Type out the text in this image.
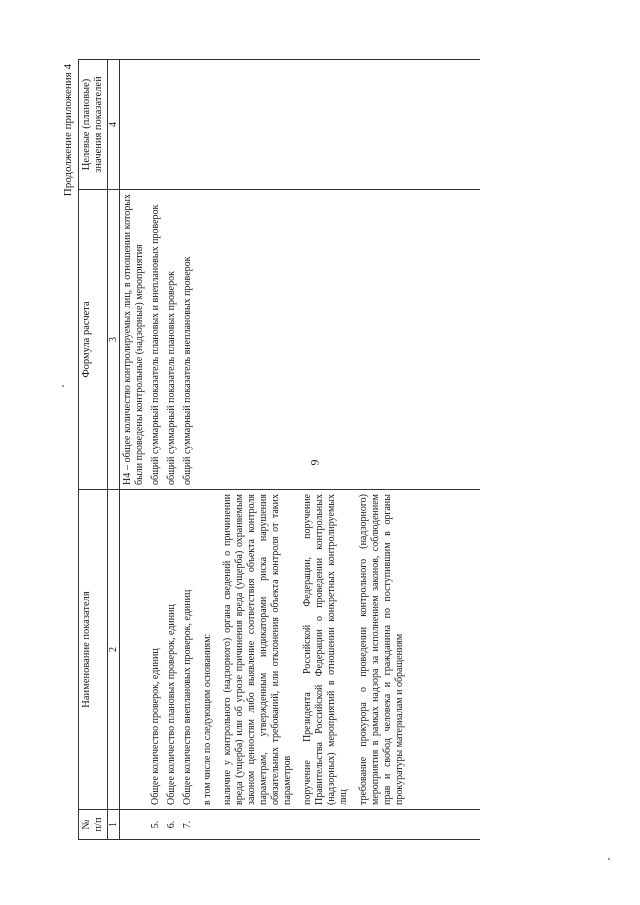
9
Продолжение приложения 4
№ п/п	Наименование показателя	Формула расчета	Целевые (плановые) значения показателей
1	2	3	4
		Н4 – общее количество контролируемых лиц, в отношении которых были проведены контрольные (надзорные) мероприятия	
5.	Общее количество проверок, единиц	общий суммарный показатель плановых и внеплановых проверок	
6.	Общее количество плановых проверок, единиц	общий суммарный показатель плановых проверок	
7.	Общее количество внеплановых проверок, единиц в том числе по следующим основаниям: наличие у контрольного (надзорного) органа сведений о причинении вреда (ущерба) или об угрозе причинения вреда (ущерба) охраняемым законом ценностям либо выявление соответствия объекта контроля параметрам, утвержденным индикаторами риска нарушения обязательных требований, или отклонения объекта контроля от таких параметров поручение Президента Российской Федерации, поручение Правительства Российской Федерации о проведении контрольных (надзорных) мероприятий в отношении конкретных контролируемых лиц требование прокурора о проведении контрольного (надзорного) мероприятия в рамках надзора за исполнением законов, соблюдением прав и свобод человека и гражданина по поступившим в органы прокуратуры материалам и обращениям	общий суммарный показатель внеплановых проверок	
